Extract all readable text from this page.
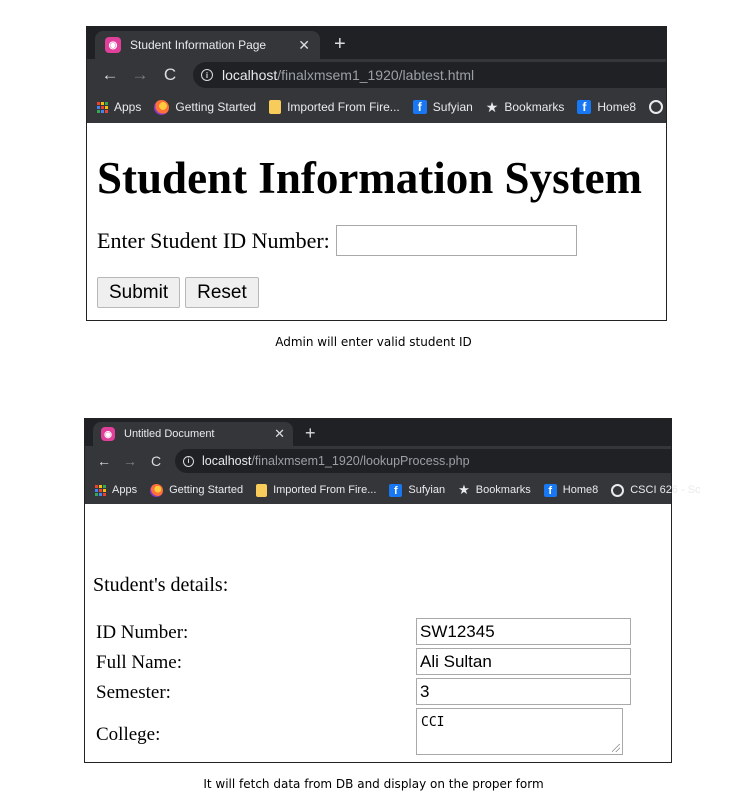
◉	Student Information Page	✕ +
← → C	i localhost /finalxmsem1_1920/labtest.html
Apps	Getting Started	Imported From Fire...	f Sufyian ★ Bookmarks	f Home8
Student Information System
Enter Student ID Number:
Submit	Reset
Admin will enter valid student ID
◉ Untitled Document	✕ +
← → C	i	localhost /finalxmsem1_1920/lookupProcess.php
Apps	Getting Started	Imported From Fire...	f Sufyian ★ Bookmarks	f Home8	CSCI 626 - Sc
Student's details:
ID Number:
SW12345
Full Name:
Ali Sultan
Semester:
3
College:
CCI
It will fetch data from DB and display on the proper form
